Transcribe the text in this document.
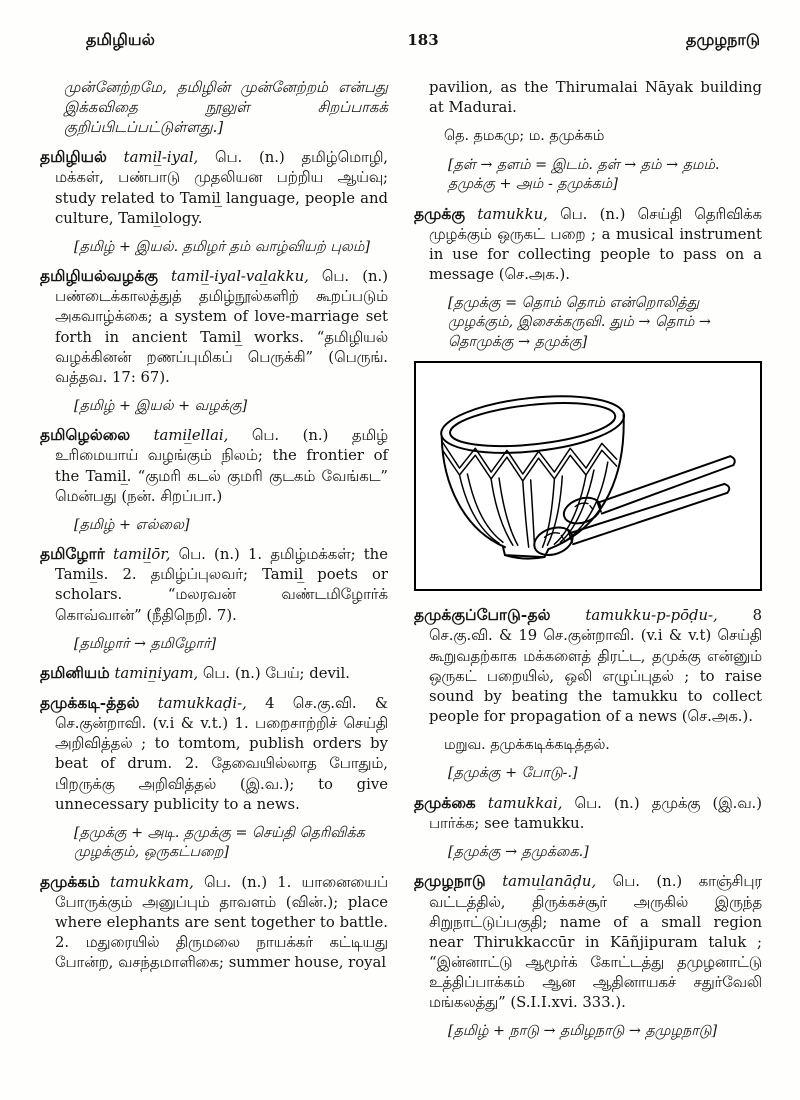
தமிழியல்	183	தமுழநாடு

முன்னேற்றமே, தமிழின் முன்னேற்றம் என்பது இக்கவிதை நூலுள் சிறப்பாகக் குறிப்பிடப்பட்டுள்ளது.]

தமிழியல் tamil̲-iyal, பெ. (n.) தமிழ்மொழி, மக்கள், பண்பாடு முதலியன பற்றிய ஆய்வு; study related to Tamil̲ language, people and culture, Tamil̲ology.

[தமிழ் + இயல். தமிழர் தம் வாழ்வியற் புலம்]

தமிழியல்வழக்கு tamil̲-iyal-val̲akku, பெ. (n.) பண்டைக்காலத்துத் தமிழ்நூல்களிற் கூறப்படும் அகவாழ்க்கை; a system of love-marriage set forth in ancient Tamil̲ works. “தமிழியல் வழக்கினன் றணப்புமிகப் பெருக்கி” (பெருங். வத்தவ. 17: 67).

[தமிழ் + இயல் + வழக்கு]

தமிழெல்லை tamil̲ellai, பெ. (n.) தமிழ் உரிமையாய் வழங்கும் நிலம்; the frontier of the Tamil̲. “குமரி கடல் குமரி குடகம் வேங்கட” மென்பது (நன். சிறப்பா.)

[தமிழ் + எல்லை]

தமிழோர் tamil̲ōr, பெ. (n.) 1. தமிழ்மக்கள்; the Tamil̲s. 2. தமிழ்ப்புலவர்; Tamil̲ poets or scholars. “மலரவன் வண்டமிழோர்க் கொவ்வான்” (நீதிநெறி. 7).

[தமிழார் → தமிழோர்]

தமினியம் tamin̲iyam, பெ. (n.) பேய்; devil.

தமுக்கடி-த்தல் tamukkaḍi-, 4 செ.கு.வி. & செ.குன்றாவி. (v.i & v.t.) 1. பறைசாற்றிச் செய்தி அறிவித்தல் ; to tomtom, publish orders by beat of drum. 2. தேவையில்லாத போதும், பிறருக்கு அறிவித்தல் (இ.வ.); to give unnecessary publicity to a news.

[தமுக்கு + அடி. தமுக்கு = செய்தி தெரிவிக்க முழக்கும், ஒருகட்பறை]

தமுக்கம் tamukkam, பெ. (n.) 1. யானையைப் போருக்கும் அனுப்பும் தாவளம் (வின்.); place where elephants are sent together to battle. 2. மதுரையில் திருமலை நாயக்கர் கட்டியது போன்ற, வசந்தமாளிகை; summer house, royal

pavilion, as the Thirumalai Nāyak building at Madurai.

தெ. தமகமு; ம. தமுக்கம்

[தள் → தளம் = இடம். தள் → தம் → தமம். தமுக்கு + அம் - தமுக்கம்]

தமுக்கு tamukku, பெ. (n.) செய்தி தெரிவிக்க முழக்கும் ஒருகட் பறை ; a musical instrument in use for collecting people to pass on a message (செ.அக.).

[தமுக்கு = தொம் தொம் என்றொலித்து முழக்கும், இசைக்கருவி. தும் → தொம் → தொமுக்கு → தமுக்கு]

தமுக்குப்போடு-தல் tamukku-p-pōḍu-, 8 செ.கு.வி. & 19 செ.குன்றாவி. (v.i & v.t) செய்தி கூறுவதற்காக மக்களைத் திரட்ட, தமுக்கு என்னும் ஒருகட் பறையில், ஒலி எழுப்புதல் ; to raise sound by beating the tamukku to collect people for propagation of a news (செ.அக.).

மறுவ. தமுக்கடிக்கடித்தல்.

[தமுக்கு + போடு-.]

தமுக்கை tamukkai, பெ. (n.) தமுக்கு (இ.வ.) பார்க்க; see tamukku.

[தமுக்கு → தமுக்கை.]

தமுழநாடு tamul̲anāḍu, பெ. (n.) காஞ்சிபுர வட்டத்தில், திருக்கச்சூர் அருகில் இருந்த சிறுநாட்டுப்பகுதி; name of a small region near Thirukkaccūr in Kāñjipuram taluk ; “இன்னாட்டு ஆமூர்க் கோட்டத்து தமுழனாட்டு உத்திப்பாக்கம் ஆன ஆதினாயகச் சதுர்வேலி மங்கலத்து” (S.I.I.xvi. 333.).

[தமிழ் + நாடு → தமிழநாடு → தமுழநாடு]
